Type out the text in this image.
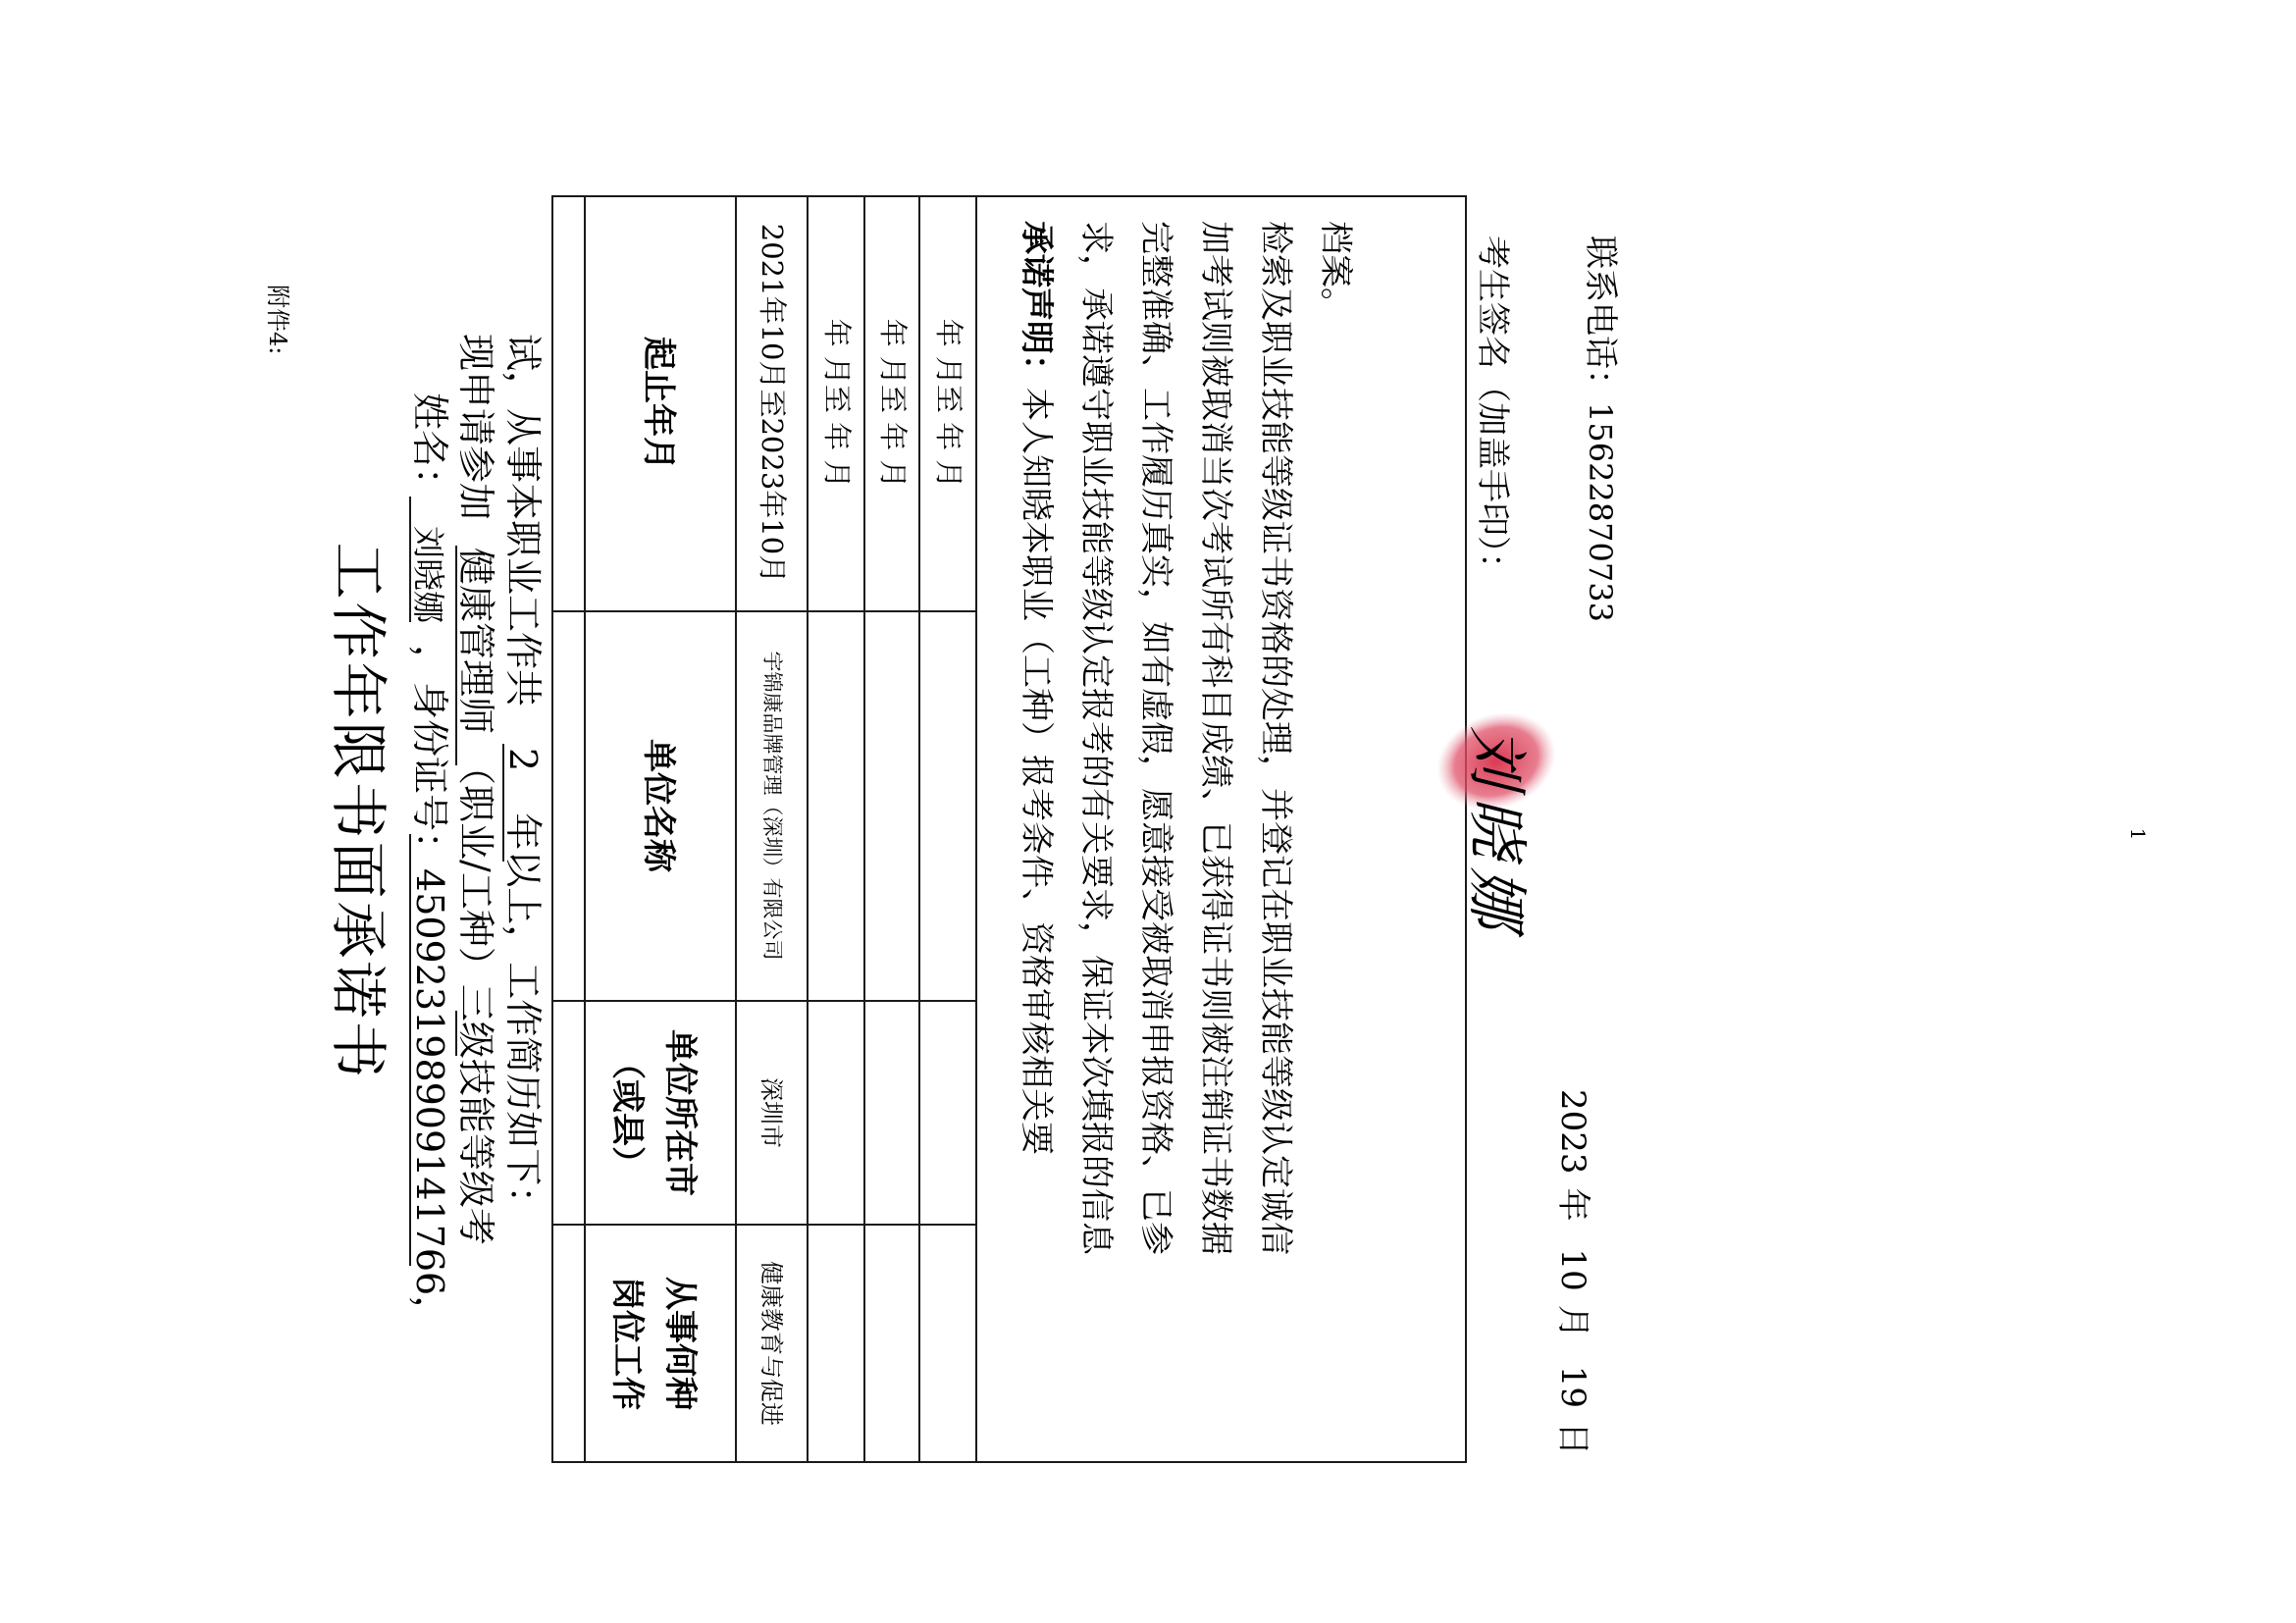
附件4:
工作年限书面承诺书
姓名：刘晓娜，身份证号：450923198909141766，
现申请参加健康管理师（职业/工种）三级技能等级考
试，从事本职业工作共2年以上，工作简历如下：
起止年月
单位名称
单位所在市
（或县）
从事何种
岗位工作
2021年10月至2023年10月
宇锦康品牌管理（深圳）有限公司
深圳市
健康教育与促进
年 月至 年 月 年 月至 年 月 年 月至 年 月
承诺声明：本人知晓本职业（工种）报考条件、资格审核相关要 求，承诺遵守职业技能等级认定报考的有关要求，保证本次填报的信息 完整准确、工作履历真实，如有虚假，愿意接受被取消申报资格、已参 加考试则被取消当次考试所有科目成绩、已获得证书则被注销证书数据 检索及职业技能等级证书资格的处理，并登记在职业技能等级认定诚信 档案。	考生签名（加盖手印）：
刘晓娜
2023年10月19日
联系电话：15622870733
1
